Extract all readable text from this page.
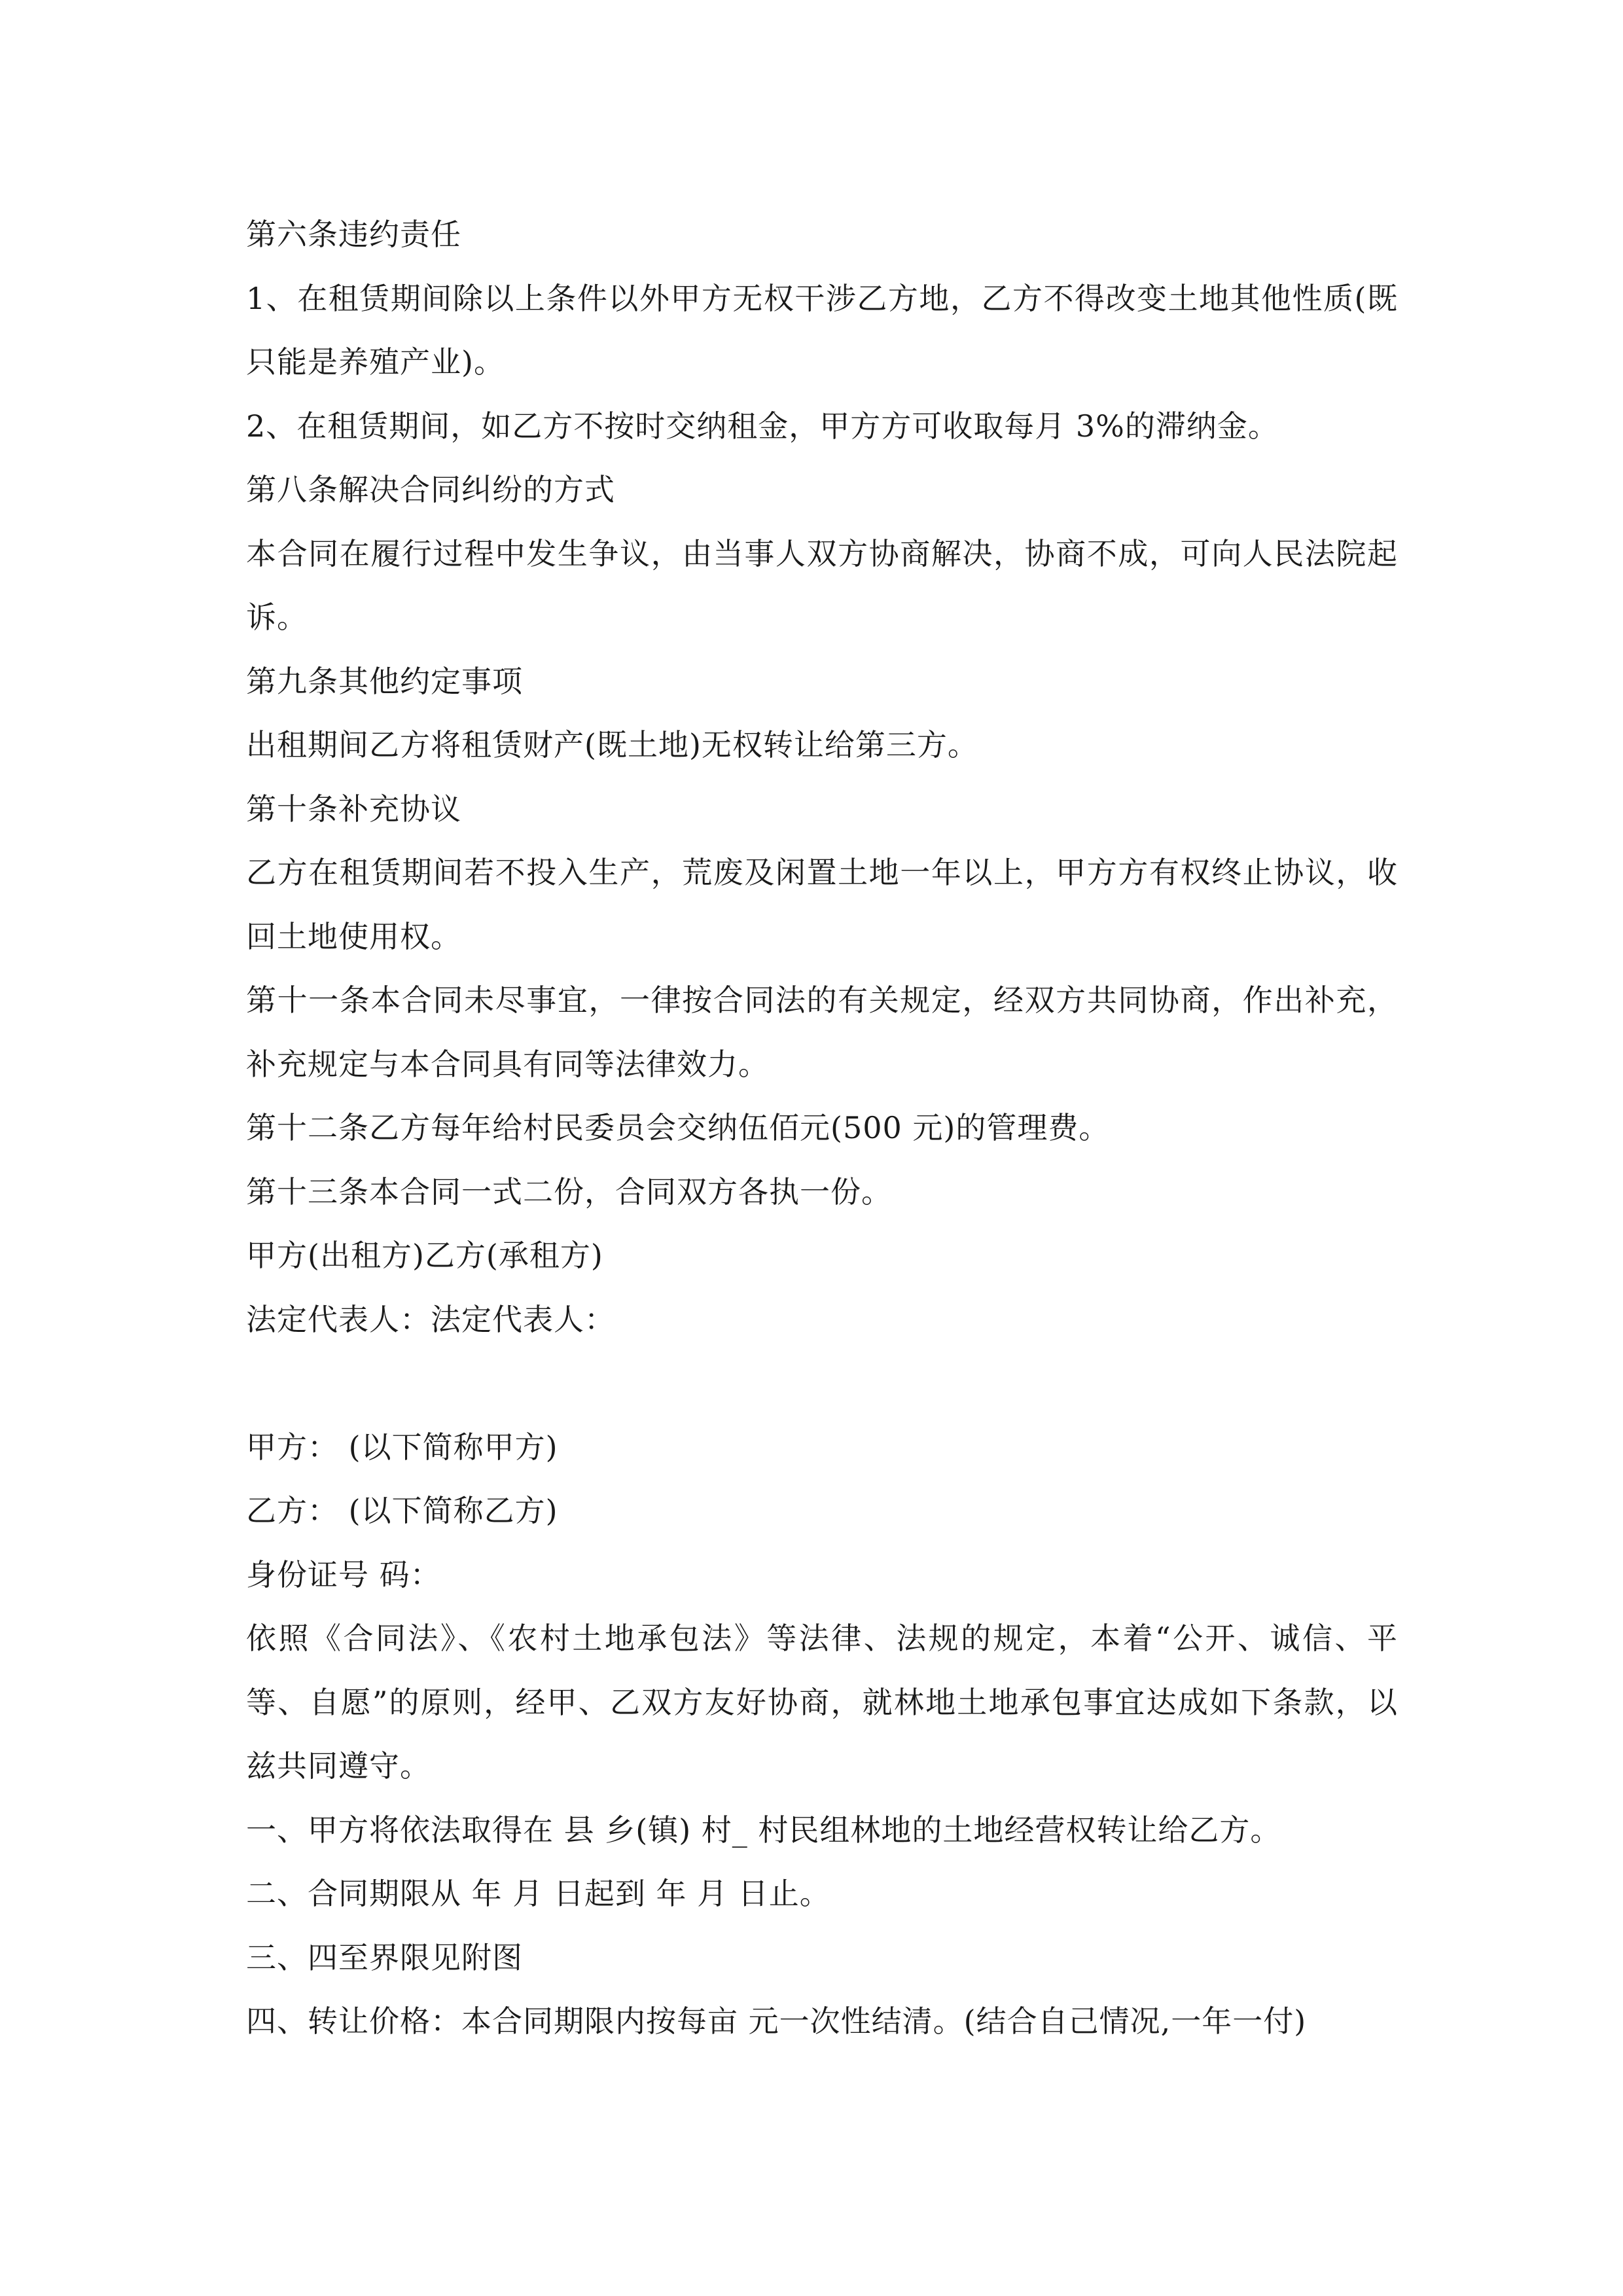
第六条违约责任

1、在租赁期间除以上条件以外甲方无权干涉乙方地，乙方不得改变土地其他性质(既只能是养殖产业)。

2、在租赁期间，如乙方不按时交纳租金，甲方方可收取每月 3%的滞纳金。

第八条解决合同纠纷的方式

本合同在履行过程中发生争议，由当事人双方协商解决，协商不成，可向人民法院起诉。

第九条其他约定事项

出租期间乙方将租赁财产(既土地)无权转让给第三方。

第十条补充协议

乙方在租赁期间若不投入生产，荒废及闲置土地一年以上，甲方方有权终止协议，收回土地使用权。

第十一条本合同未尽事宜，一律按合同法的有关规定，经双方共同协商，作出补充，补充规定与本合同具有同等法律效力。

第十二条乙方每年给村民委员会交纳伍佰元(500 元)的管理费。

第十三条本合同一式二份，合同双方各执一份。

甲方(出租方)乙方(承租方)

法定代表人：法定代表人：

甲方： (以下简称甲方)

乙方： (以下简称乙方)

身份证号 码：

依照《合同法》、《农村土地承包法》等法律、法规的规定，本着“公开、诚信、平等、自愿”的原则，经甲、乙双方友好协商，就林地土地承包事宜达成如下条款，以兹共同遵守。

一、甲方将依法取得在 县 乡(镇) 村_ 村民组林地的土地经营权转让给乙方。

二、合同期限从 年 月 日起到 年 月 日止。

三、四至界限见附图

四、转让价格：本合同期限内按每亩 元一次性结清。(结合自己情况,一年一付)
